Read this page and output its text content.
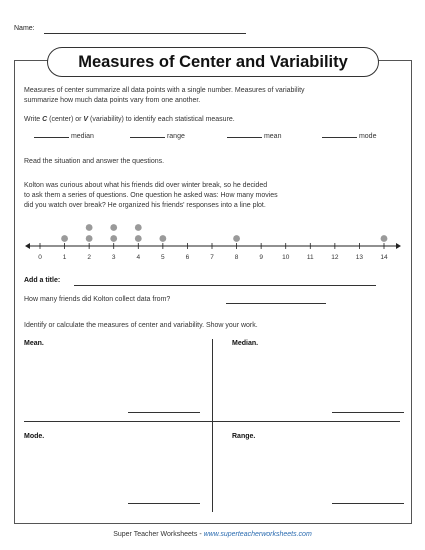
Name:
Measures of Center and Variability
Measures of center summarize all data points with a single number. Measures of variability
summarize how much data points vary from one another.
Write C (center) or V (variability) to identify each statistical measure.
median	range	mean	mode
Read the situation and answer the questions.
Kolton was curious about what his friends did over winter break, so he decided
to ask them a series of questions. One question he asked was: How many movies
did you watch over break? He organized his friends' responses into a line plot.
0	1	2	3	4	5	6	7	8	9	10	11	12	13	14
Add a title:
How many friends did Kolton collect data from?
Identify or calculate the measures of center and variability. Show your work.
Mean.	Median.
Mode.	Range.
Super Teacher Worksheets - www.superteacherworksheets.com
